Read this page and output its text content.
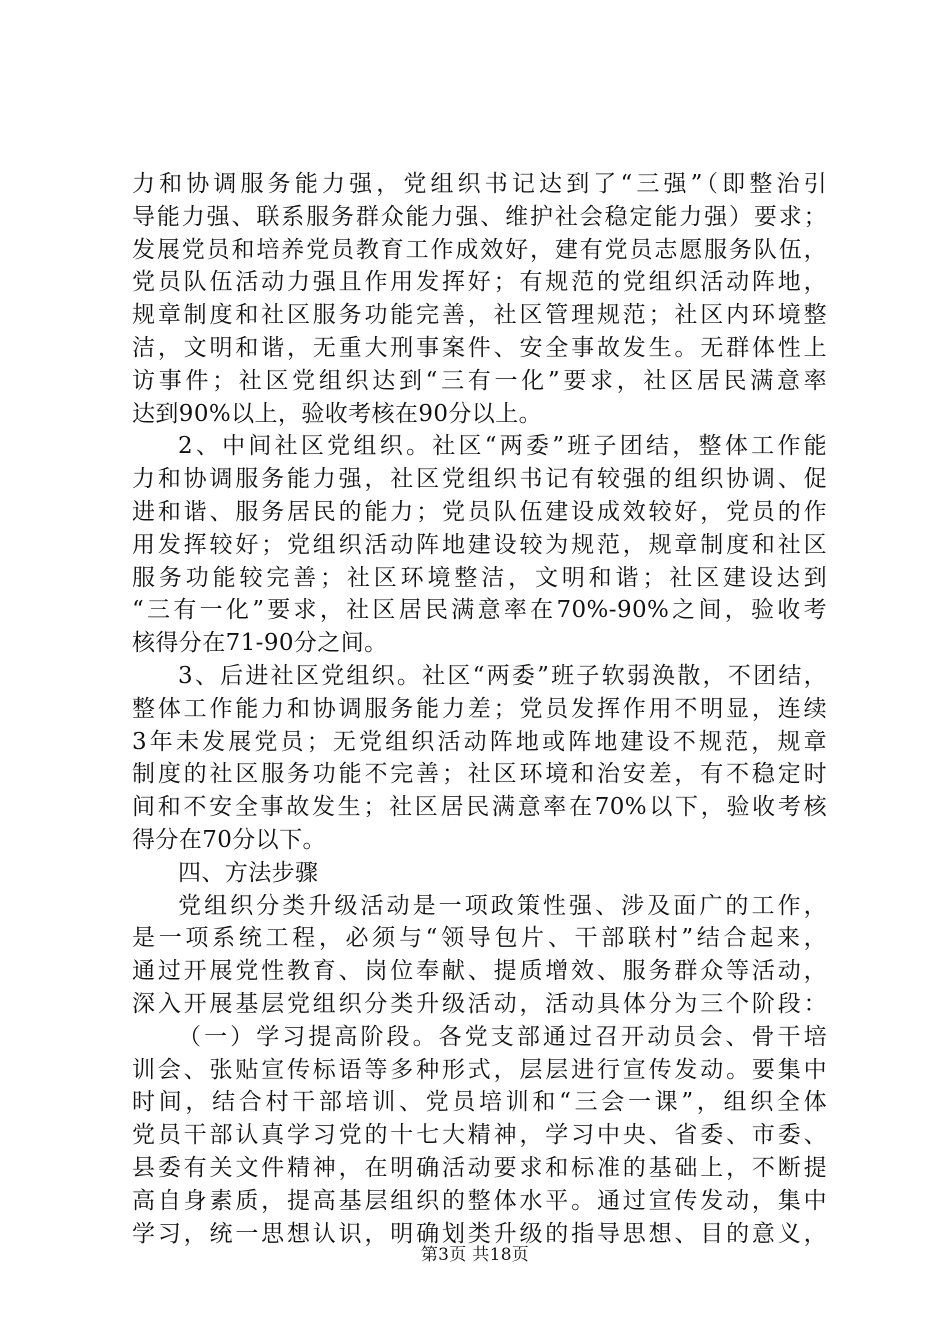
力和协调服务能力强，党组织书记达到了“三强”（即整治引
导能力强、联系服务群众能力强、维护社会稳定能力强）要求；
发展党员和培养党员教育工作成效好，建有党员志愿服务队伍，
党员队伍活动力强且作用发挥好；有规范的党组织活动阵地，
规章制度和社区服务功能完善，社区管理规范；社区内环境整
洁，文明和谐，无重大刑事案件、安全事故发生。无群体性上
访事件；社区党组织达到“三有一化”要求，社区居民满意率
达到90%以上，验收考核在90分以上。
2、中间社区党组织。社区“两委”班子团结，整体工作能
力和协调服务能力强，社区党组织书记有较强的组织协调、促
进和谐、服务居民的能力；党员队伍建设成效较好，党员的作
用发挥较好；党组织活动阵地建设较为规范，规章制度和社区
服务功能较完善；社区环境整洁，文明和谐；社区建设达到
“三有一化”要求，社区居民满意率在70%-90%之间，验收考
核得分在71-90分之间。
3、后进社区党组织。社区“两委”班子软弱涣散，不团结，
整体工作能力和协调服务能力差；党员发挥作用不明显，连续
3年未发展党员；无党组织活动阵地或阵地建设不规范，规章
制度的社区服务功能不完善；社区环境和治安差，有不稳定时
间和不安全事故发生；社区居民满意率在70%以下，验收考核
得分在70分以下。
四、方法步骤
党组织分类升级活动是一项政策性强、涉及面广的工作，
是一项系统工程，必须与“领导包片、干部联村”结合起来，
通过开展党性教育、岗位奉献、提质增效、服务群众等活动，
深入开展基层党组织分类升级活动，活动具体分为三个阶段：
（一）学习提高阶段。各党支部通过召开动员会、骨干培
训会、张贴宣传标语等多种形式，层层进行宣传发动。要集中
时间，结合村干部培训、党员培训和“三会一课”，组织全体
党员干部认真学习党的十七大精神，学习中央、省委、市委、
县委有关文件精神，在明确活动要求和标准的基础上，不断提
高自身素质，提高基层组织的整体水平。通过宣传发动，集中
学习，统一思想认识，明确划类升级的指导思想、目的意义，
第3页 共18页
